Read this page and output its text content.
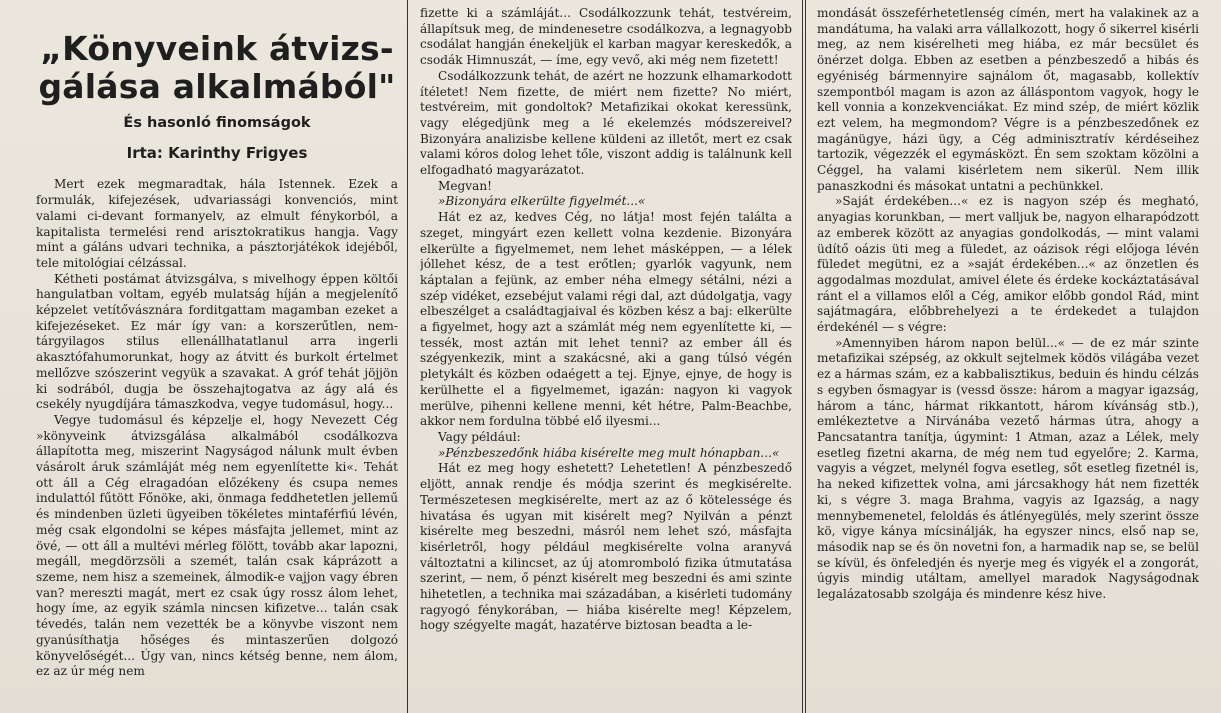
„Könyveink átvizs-gálása alkalmából"
És hasonló finomságok
Irta: Karinthy Frigyes

Mert ezek megmaradtak, hála Istennek. Ezek a formulák, kifejezések, udvariassági konvenciós, mint valami ci-devant formanyelv, az elmult fénykorból, a kapitalista termelési rend arisztokratikus hangja. Vagy mint a gáláns udvari technika, a pásztorjátékok idejéből, tele mitológiai célzással.

Kétheti postámat átvizsgálva, s mivelhogy éppen költői hangulatban voltam, egyéb mulatság híján a megjelenítő képzelet vetítővásznára forditgattam magamban ezeket a kifejezéseket. Ez már így van: a korszerűtlen, nem-tárgyilagos stilus ellenállhatatlanul arra ingerli akasztófahumorunkat, hogy az átvitt és burkolt értelmet mellőzve szószerint vegyük a szavakat. A gróf tehát jöjjön ki sodrából, dugja be összehajtogatva az ágy alá és csekély nyugdíjára támaszkodva, vegye tudomásul, hogy...

Vegye tudomásul és képzelje el, hogy Nevezett Cég »könyveink átvizsgálása alkalmából csodálkozva állapította meg, miszerint Nagyságod nálunk mult évben vásárolt áruk számláját még nem egyenlítette ki«. Tehát ott áll a Cég elragadóan előzékeny és csupa nemes indulattól fűtött Főnöke, aki, önmaga feddhetetlen jellemű és mindenben üzleti ügyeiben tökéletes mintaférfiú lévén, még csak elgondolni se képes másfajta jellemet, mint az övé, — ott áll a multévi mérleg fölött, tovább akar lapozni, megáll, megdörzsöli a szemét, talán csak káprázott a szeme, nem hisz a szemeinek, álmodik-e vajjon vagy ébren van? mereszti magát, mert ez csak úgy rossz álom lehet, hogy íme, az egyik számla nincsen kifizetve... talán csak tévedés, talán nem vezették be a könyvbe viszont nem gyanúsíthatja hőséges és mintaszerűen dolgozó könyvelőségét... Úgy van, nincs kétség benne, nem álom, ez az úr még nem

fizette ki a számláját... Csodálkozzunk tehát, testvéreim, állapítsuk meg, de mindenesetre csodálkozva, a legnagyobb csodálat hangján énekeljük el karban magyar kereskedők, a csodák Himnuszát, — íme, egy vevő, aki még nem fizetett!

Csodálkozzunk tehát, de azért ne hozzunk elhamarkodott ítéletet! Nem fizette, de miért nem fizette? No miért, testvéreim, mit gondoltok? Metafizikai okokat keressünk, vagy elégedjünk meg a lé ekelemzés módszereivel? Bizonyára analizisbe kellene küldeni az illetőt, mert ez csak valami kóros dolog lehet tőle, viszont addig is találnunk kell elfogadható magyarázatot.

Megvan!

»Bizonyára elkerülte figyelmét...«

Hát ez az, kedves Cég, no látja! most fején találta a szeget, mingyárt ezen kellett volna kezdenie. Bizonyára elkerülte a figyelmemet, nem lehet másképpen, — a lélek jóllehet kész, de a test erőtlen; gyarlók vagyunk, nem káptalan a fejünk, az ember néha elmegy sétálni, nézi a szép vidéket, ezsebéjut valami régi dal, azt dúdolgatja, vagy elbeszélget a családtagjaival és közben kész a baj: elkerülte a figyelmet, hogy azt a számlát még nem egyenlítette ki, — tessék, most aztán mit lehet tenni? az ember áll és szégyenkezik, mint a szakácsné, aki a gang túlsó végén pletykált és közben odaégett a tej. Ejnye, ejnye, de hogy is kerülhette el a figyelmemet, igazán: nagyon ki vagyok merülve, pihenni kellene menni, két hétre, Palm-Beachbe, akkor nem fordulna többé elő ilyesmi...

Vagy például:

»Pénzbeszedőnk hiába kisérelte meg mult hónapban...«

Hát ez meg hogy eshetett? Lehetetlen! A pénzbeszedő eljött, annak rendje és módja szerint és megkisérelte. Természetesen megkisérelte, mert az az ő kötelessége és hivatása és ugyan mit kisérelt meg? Nyilván a pénzt kisérelte meg beszedni, másról nem lehet szó, másfajta kisérletről, hogy például megkisérelte volna aranyvá változtatni a kilincset, az új atomromboló fizika útmutatása szerint, — nem, ő pénzt kisérelt meg beszedni és ami szinte hihetetlen, a technika mai századában, a kisérleti tudomány ragyogó fénykorában, — hiába kisérelte meg! Képzelem, hogy szégyelte magát, hazatérve biztosan beadta a le-

mondását összeférhetetlenség címén, mert ha valakinek az a mandátuma, ha valaki arra vállalkozott, hogy ő sikerrel kisérli meg, az nem kisérelheti meg hiába, ez már becsület és önérzet dolga. Ebben az esetben a pénzbeszedő a hibás és egyéniség bármennyire sajnálom őt, magasabb, kollektív szempontból magam is azon az álláspontom vagyok, hogy le kell vonnia a konzekvenciákat. Ez mind szép, de miért közlik ezt velem, ha megmondom? Végre is a pénzbeszedőnek ez magánügye, házi ügy, a Cég adminisztratív kérdéseihez tartozik, végezzék el egymásközt. Én sem szoktam közölni a Céggel, ha valami kisérletem nem sikerül. Nem illik panaszkodni és másokat untatni a pechünkkel.

»Saját érdekében...« ez is nagyon szép és megható, anyagias korunkban, — mert valljuk be, nagyon elharapódzott az emberek között az anyagias gondolkodás, — mint valami üdítő oázis üti meg a füledet, az oázisok régi előjoga lévén füledet megütni, ez a »saját érdekében...« az önzetlen és aggodalmas mozdulat, amivel élete és érdeke kockáztatásával ránt el a villamos elől a Cég, amikor előbb gondol Rád, mint sajátmagára, előbbrehelyezi a te érdekedet a tulajdon érdekénél — s végre:

»Amennyiben három napon belül...« — de ez már szinte metafizikai szépség, az okkult sejtelmek ködös világába vezet ez a hármas szám, ez a kabbalisztikus, beduin és hindu célzás s egyben ősmagyar is (vessd össze: három a magyar igazság, három a tánc, hármat rikkantott, három kívánság stb.), emlékeztetve a Nirvánába vezető hármas útra, ahogy a Pancsatantra tanítja, úgymint: 1 Atman, azaz a Lélek, mely esetleg fizetni akarna, de még nem tud egyelőre; 2. Karma, vagyis a végzet, melynél fogva esetleg, sőt esetleg fizetnél is, ha neked kifizettek volna, ami járcsakhogy hát nem fizették ki, s végre 3. maga Brahma, vagyis az Igazság, a nagy mennybemenetel, feloldás és átlényegülés, mely szerint össze kö, vigye kánya mícsinálják, ha egyszer nincs, első nap se, második nap se és ön novetni fon, a harmadik nap se, se belül se kívül, és önfeledjén és nyerje meg és vigyék el a zongorát, úgyis mindig utáltam, amellyel maradok Nagyságodnak legalázatosabb szolgája és mindenre kész hive.
